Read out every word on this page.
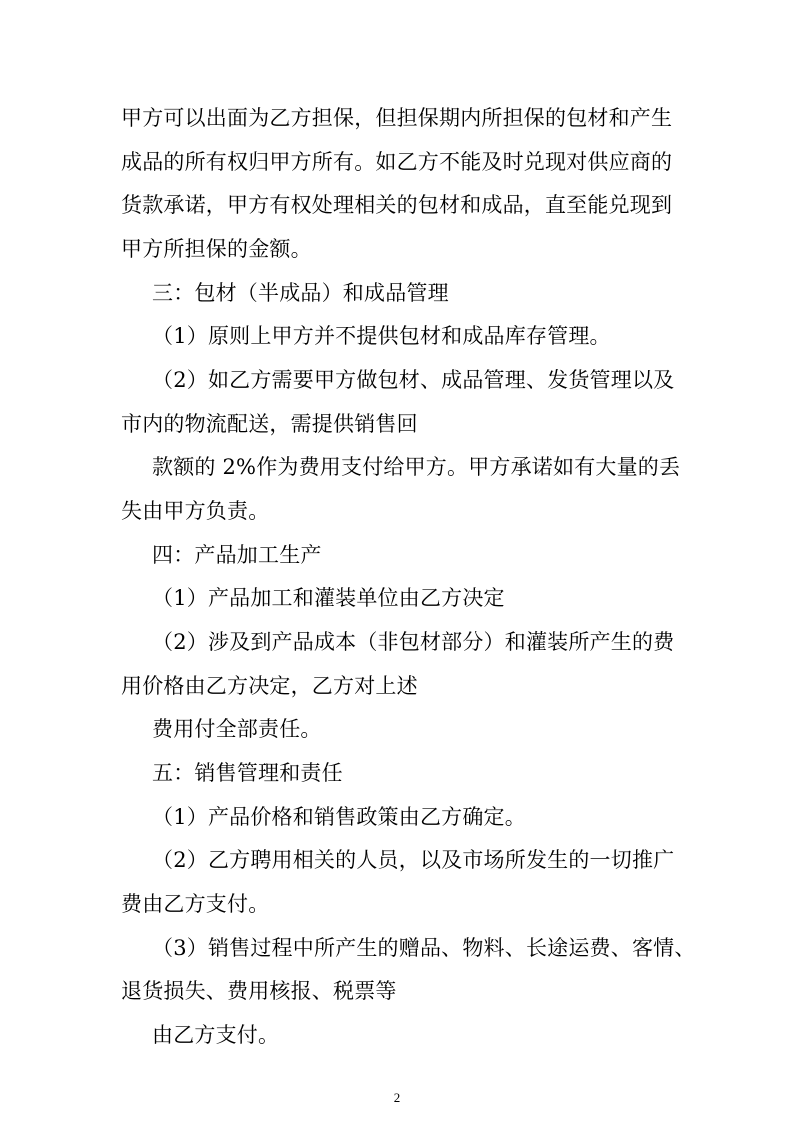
甲方可以出面为乙方担保，但担保期内所担保的包材和产生
成品的所有权归甲方所有。如乙方不能及时兑现对供应商的
货款承诺，甲方有权处理相关的包材和成品，直至能兑现到
甲方所担保的金额。
三：包材（半成品）和成品管理
（1）原则上甲方并不提供包材和成品库存管理。
（2）如乙方需要甲方做包材、成品管理、发货管理以及
市内的物流配送，需提供销售回
款额的 2%作为费用支付给甲方。甲方承诺如有大量的丢
失由甲方负责。
四：产品加工生产
（1）产品加工和灌装单位由乙方决定
（2）涉及到产品成本（非包材部分）和灌装所产生的费
用价格由乙方决定，乙方对上述
费用付全部责任。
五：销售管理和责任
（1）产品价格和销售政策由乙方确定。
（2）乙方聘用相关的人员，以及市场所发生的一切推广
费由乙方支付。
（3）销售过程中所产生的赠品、物料、长途运费、客情、
退货损失、费用核报、税票等
由乙方支付。
2
